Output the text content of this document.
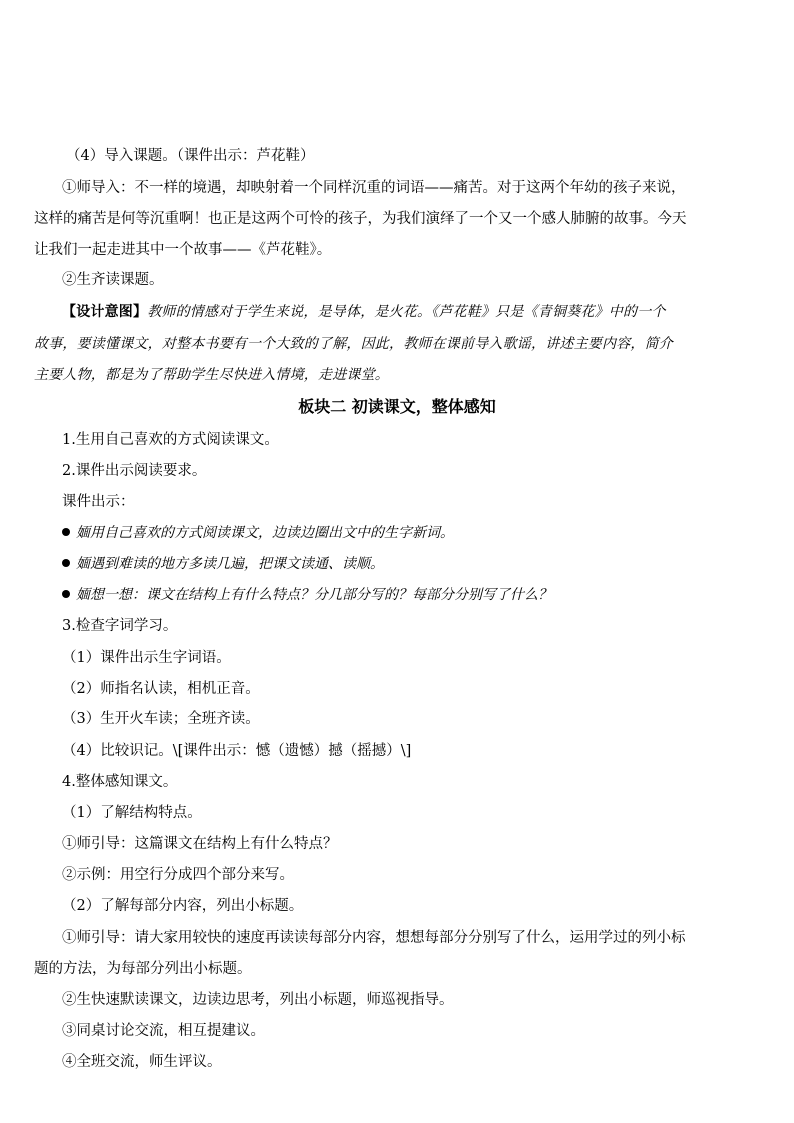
（4）导入课题。（课件出示：芦花鞋）
①师导入：不一样的境遇，却映射着一个同样沉重的词语——痛苦。对于这两个年幼的孩子来说，
这样的痛苦是何等沉重啊！也正是这两个可怜的孩子，为我们演绎了一个又一个感人肺腑的故事。今天
让我们一起走进其中一个故事——《芦花鞋》。
②生齐读课题。
【设计意图】教师的情感对于学生来说，是导体，是火花。《芦花鞋》只是《青铜葵花》中的一个
故事，要读懂课文，对整本书要有一个大致的了解，因此，教师在课前导入歌谣，讲述主要内容，简介
主要人物，都是为了帮助学生尽快进入情境，走进课堂。
板块二 初读课文，整体感知
1.生用自己喜欢的方式阅读课文。
2.课件出示阅读要求。
课件出示：
媔用自己喜欢的方式阅读课文，边读边圈出文中的生字新词。
媔遇到难读的地方多读几遍，把课文读通、读顺。
媔想一想：课文在结构上有什么特点？分几部分写的？每部分分别写了什么？
3.检查字词学习。
（1）课件出示生字词语。
（2）师指名认读，相机正音。
（3）生开火车读；全班齐读。
（4）比较识记。\[课件出示：憾（遗憾）撼（摇撼）\]
4.整体感知课文。
（1）了解结构特点。
①师引导：这篇课文在结构上有什么特点？
②示例：用空行分成四个部分来写。
（2）了解每部分内容，列出小标题。
①师引导：请大家用较快的速度再读读每部分内容，想想每部分分别写了什么，运用学过的列小标
题的方法，为每部分列出小标题。
②生快速默读课文，边读边思考，列出小标题，师巡视指导。
③同桌讨论交流，相互提建议。
④全班交流，师生评议。
